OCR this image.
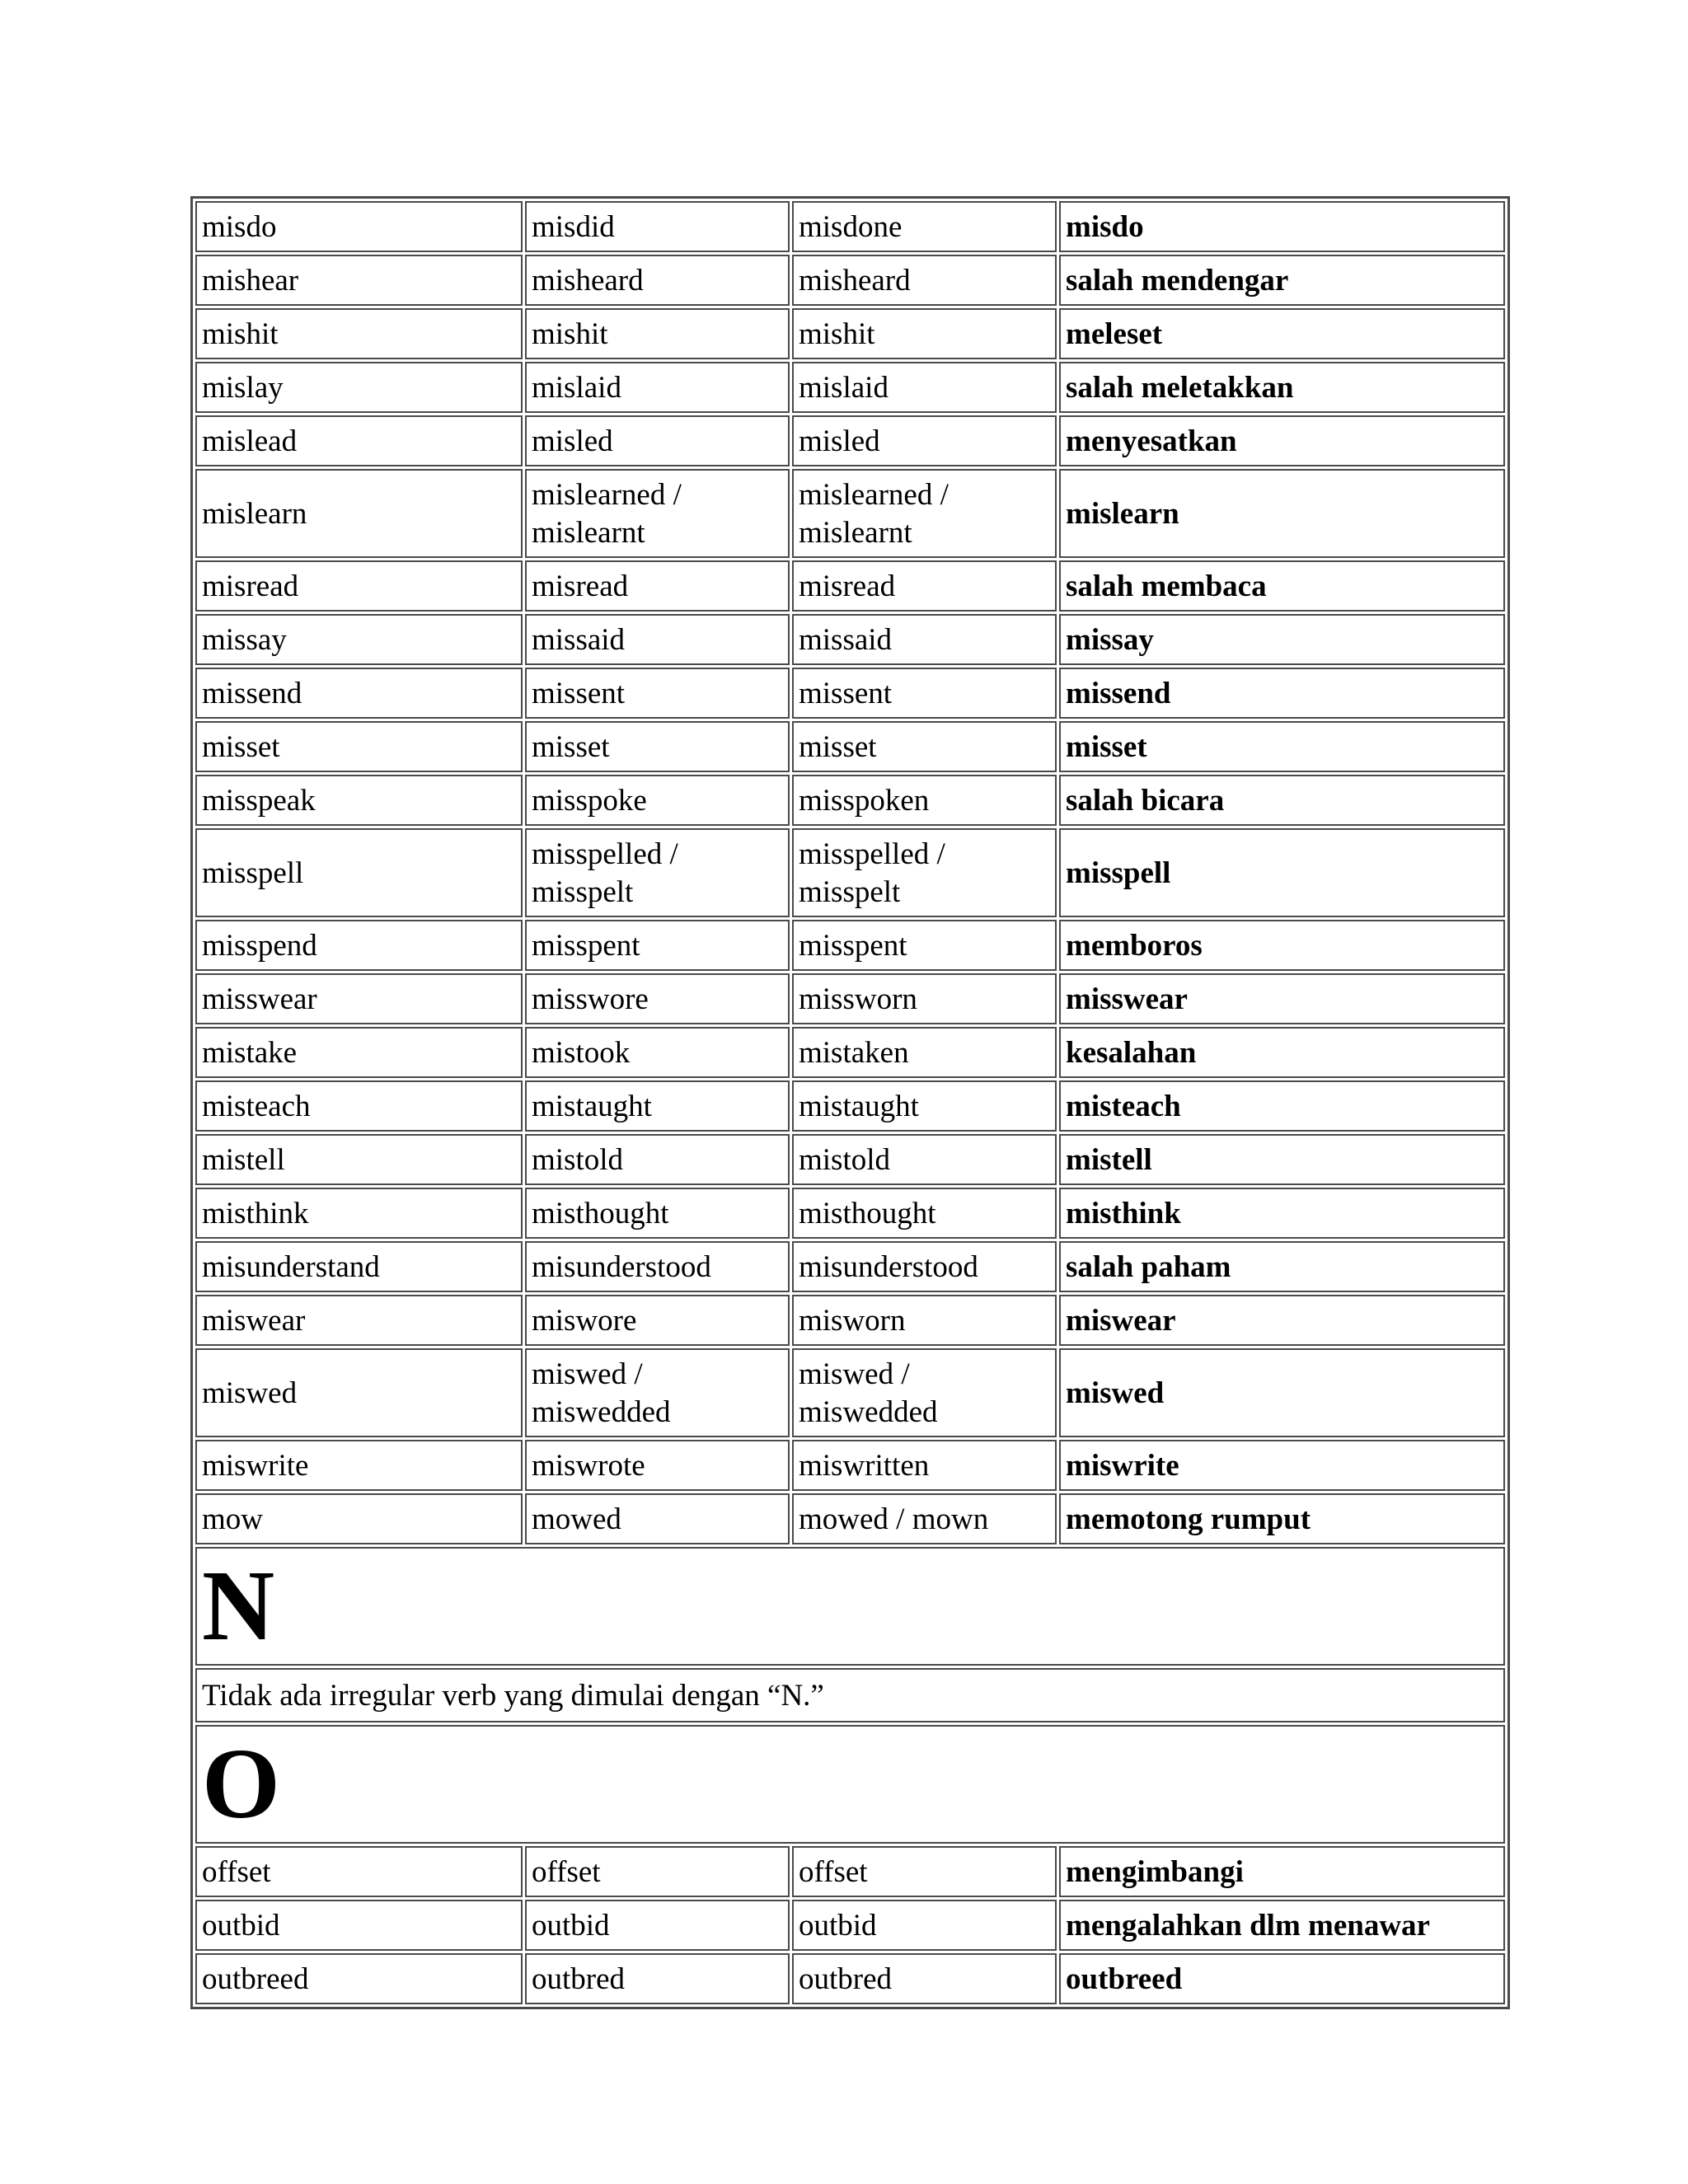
misdo	misdid	misdone	misdo
mishear	misheard	misheard	salah mendengar
mishit	mishit	mishit	meleset
mislay	mislaid	mislaid	salah meletakkan
mislead	misled	misled	menyesatkan
mislearn	mislearned / mislearnt	mislearned / mislearnt	mislearn
misread	misread	misread	salah membaca
missay	missaid	missaid	missay
missend	missent	missent	missend
misset	misset	misset	misset
misspeak	misspoke	misspoken	salah bicara
misspell	misspelled / misspelt	misspelled / misspelt	misspell
misspend	misspent	misspent	memboros
misswear	misswore	missworn	misswear
mistake	mistook	mistaken	kesalahan
misteach	mistaught	mistaught	misteach
mistell	mistold	mistold	mistell
misthink	misthought	misthought	misthink
misunderstand	misunderstood	misunderstood	salah paham
miswear	miswore	misworn	miswear
miswed	miswed / miswedded	miswed / miswedded	miswed
miswrite	miswrote	miswritten	miswrite
mow	mowed	mowed / mown	memotong rumput
N			
Tidak ada irregular verb yang dimulai dengan “N.”			
O			
offset	offset	offset	mengimbangi
outbid	outbid	outbid	mengalahkan dlm menawar
outbreed	outbred	outbred	outbreed
